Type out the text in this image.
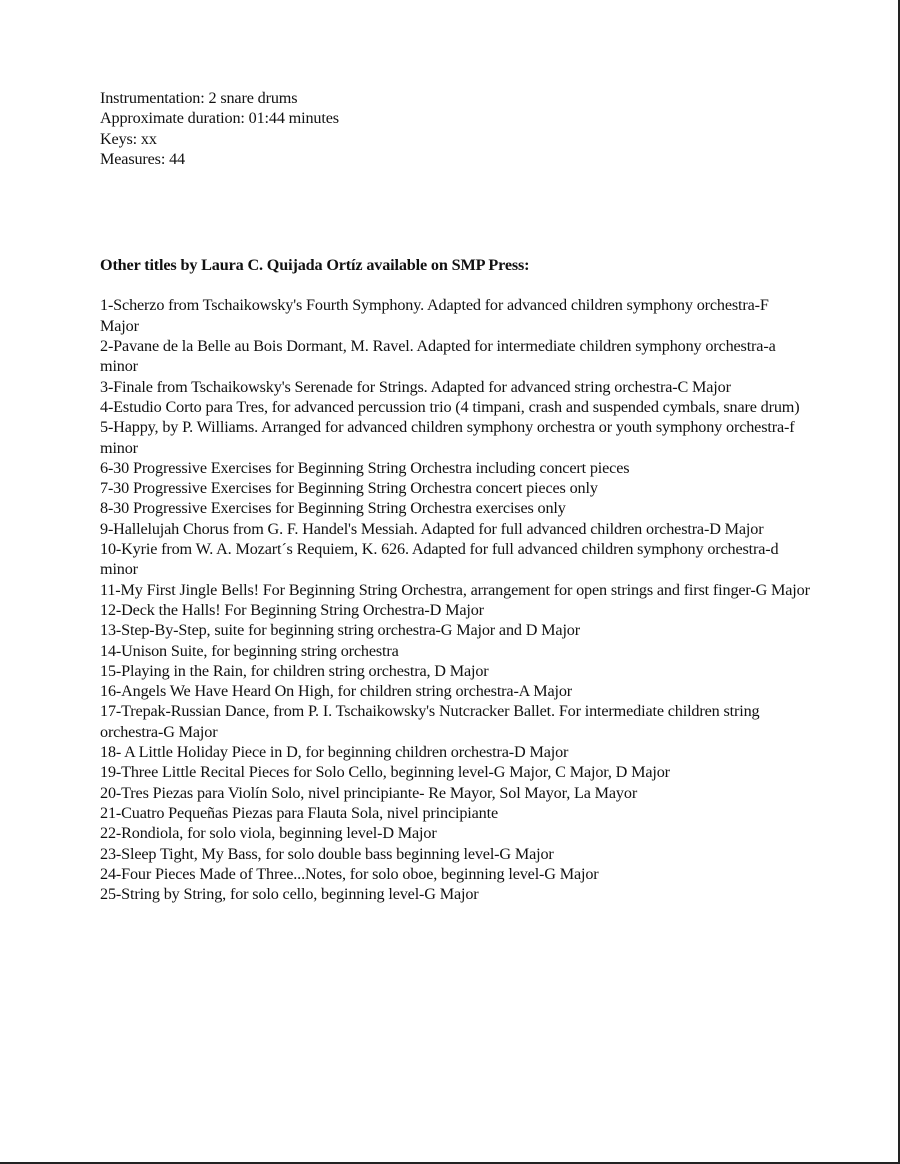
Instrumentation: 2 snare drums

Approximate duration: 01:44 minutes

Keys: xx

Measures: 44

Other titles by Laura C. Quijada Ortíz available on SMP Press:

1-Scherzo from Tschaikowsky's Fourth Symphony. Adapted for advanced children symphony orchestra-F Major
2-Pavane de la Belle au Bois Dormant, M. Ravel. Adapted for intermediate children symphony orchestra-a minor
3-Finale from Tschaikowsky's Serenade for Strings. Adapted for advanced string orchestra-C Major
4-Estudio Corto para Tres, for advanced percussion trio (4 timpani, crash and suspended cymbals, snare drum)
5-Happy, by P. Williams. Arranged for advanced children symphony orchestra or youth symphony orchestra-f minor
6-30 Progressive Exercises for Beginning String Orchestra including concert pieces
7-30 Progressive Exercises for Beginning String Orchestra concert pieces only
8-30 Progressive Exercises for Beginning String Orchestra exercises only
9-Hallelujah Chorus from G. F. Handel's Messiah. Adapted for full advanced children orchestra-D Major
10-Kyrie from W. A. Mozart´s Requiem, K. 626. Adapted for full advanced children symphony orchestra-d minor
11-My First Jingle Bells! For Beginning String Orchestra, arrangement for open strings and first finger-G Major
12-Deck the Halls! For Beginning String Orchestra-D Major
13-Step-By-Step, suite for beginning string orchestra-G Major and D Major
14-Unison Suite, for beginning string orchestra
15-Playing in the Rain, for children string orchestra, D Major
16-Angels We Have Heard On High, for children string orchestra-A Major
17-Trepak-Russian Dance, from P. I. Tschaikowsky's Nutcracker Ballet. For intermediate children string orchestra-G Major
18- A Little Holiday Piece in D, for beginning children orchestra-D Major
19-Three Little Recital Pieces for Solo Cello, beginning level-G Major, C Major, D Major
20-Tres Piezas para Violín Solo, nivel principiante- Re Mayor, Sol Mayor, La Mayor
21-Cuatro Pequeñas Piezas para Flauta Sola, nivel principiante
22-Rondiola, for solo viola, beginning level-D Major
23-Sleep Tight, My Bass, for solo double bass beginning level-G Major
24-Four Pieces Made of Three...Notes, for solo oboe, beginning level-G Major
25-String by String, for solo cello, beginning level-G Major
